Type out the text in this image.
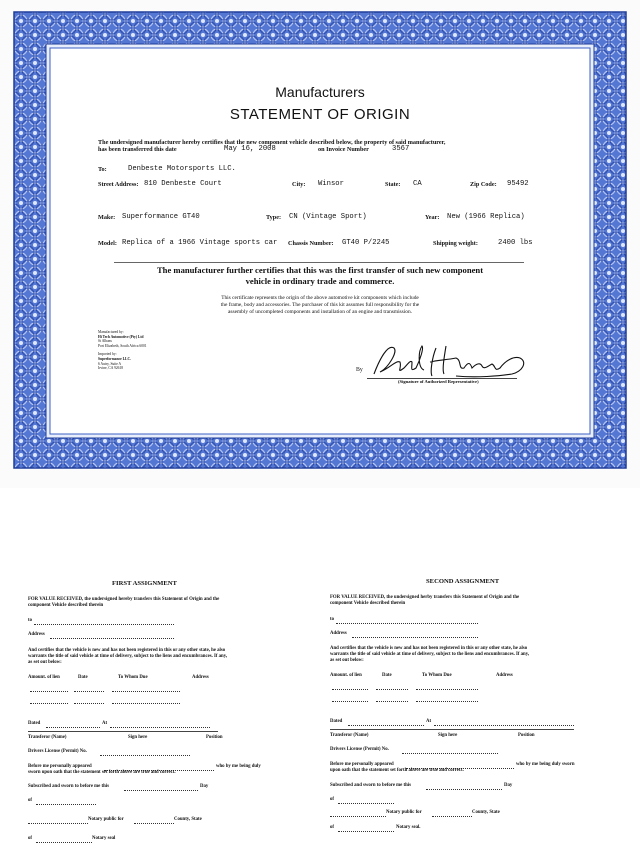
Manufacturers
STATEMENT OF ORIGIN
The undersigned manufacturer hereby certifies that the new component vehicle described below, the property of said manufacturer,
has been transferred this date	May 16, 2008	on Invoice Number	3567
To:	Denbeste Motorsports LLC.
Street Address: 810 Denbeste Court	City: Winsor	State: CA	Zip Code: 95492
Make: Superformance GT40	Type: CN (Vintage Sport)	Year: New (1966 Replica)
Model: Replica of a 1966 Vintage sports car Chassis Number: GT40 P/2245	Shipping weight:	2400 lbs
The manufacturer further certifies that this was the first transfer of such new component
vehicle in ordinary trade and commerce.
This certificate represents the origin of the above automotive kit components which include
the frame, body and accessories. The purchaser of this kit assumes full responsibility for the
assembly of uncompleted components and installation of an engine and transmission.
Manufactured by:
Hi Tech Automotive (Pty) Ltd
St Albans
Port Elizabeth, South Africa 6001
Imported by:
Superformance LLC.
6 Autry, Suite A
Irvine, CA 92618	By
(Signature of Authorized Representative)
FIRST ASSIGNMENT
FOR VALUE RECEIVED, the undersigned hereby transfers this Statement of Origin and the
component Vehicle described therein
to
Address
And certifies that the vehicle is new and has not been registered in this or any other state, he also
warrants the title of said vehicle at time of delivery, subject to the liens and encumbrances. If any,
as set out below:
Amount. of lien	Date	To Whom Due	Address
Dated	At
Transferor (Name)	Sign here	Position
Drivers License (Permit) No.
Before me personally appeared	who by me being duly
sworn upon oath that the statement set forth above are true and correct.
Subscribed and sworn to before me this	Day
of
Notary public for	County, State
of	Notary seal
SECOND ASSIGNMENT
FOR VALUE RECEIVED, the undersigned herby transfers this Statement of Origin and the
component Vehicle described therein
to
Address
And certifies that the vehicle is new and has not been registered in this or any other state, he also
warrants the title of said vehicle at time of delivery, subject to the liens and encumbrances. If any,
as set out below:
Amount. of lien	Date	To Whom Due	Address
Dated	At
Transferor (Name)	Sign here	Position
Drivers License (Permit) No.
Before me personally appeared	who by me being duly sworn
upon oath that the statement set forth above are true and correct.
Subscribed and sworn to before me this	Day
of
Notary public for	County, State
of	Notary seal.
